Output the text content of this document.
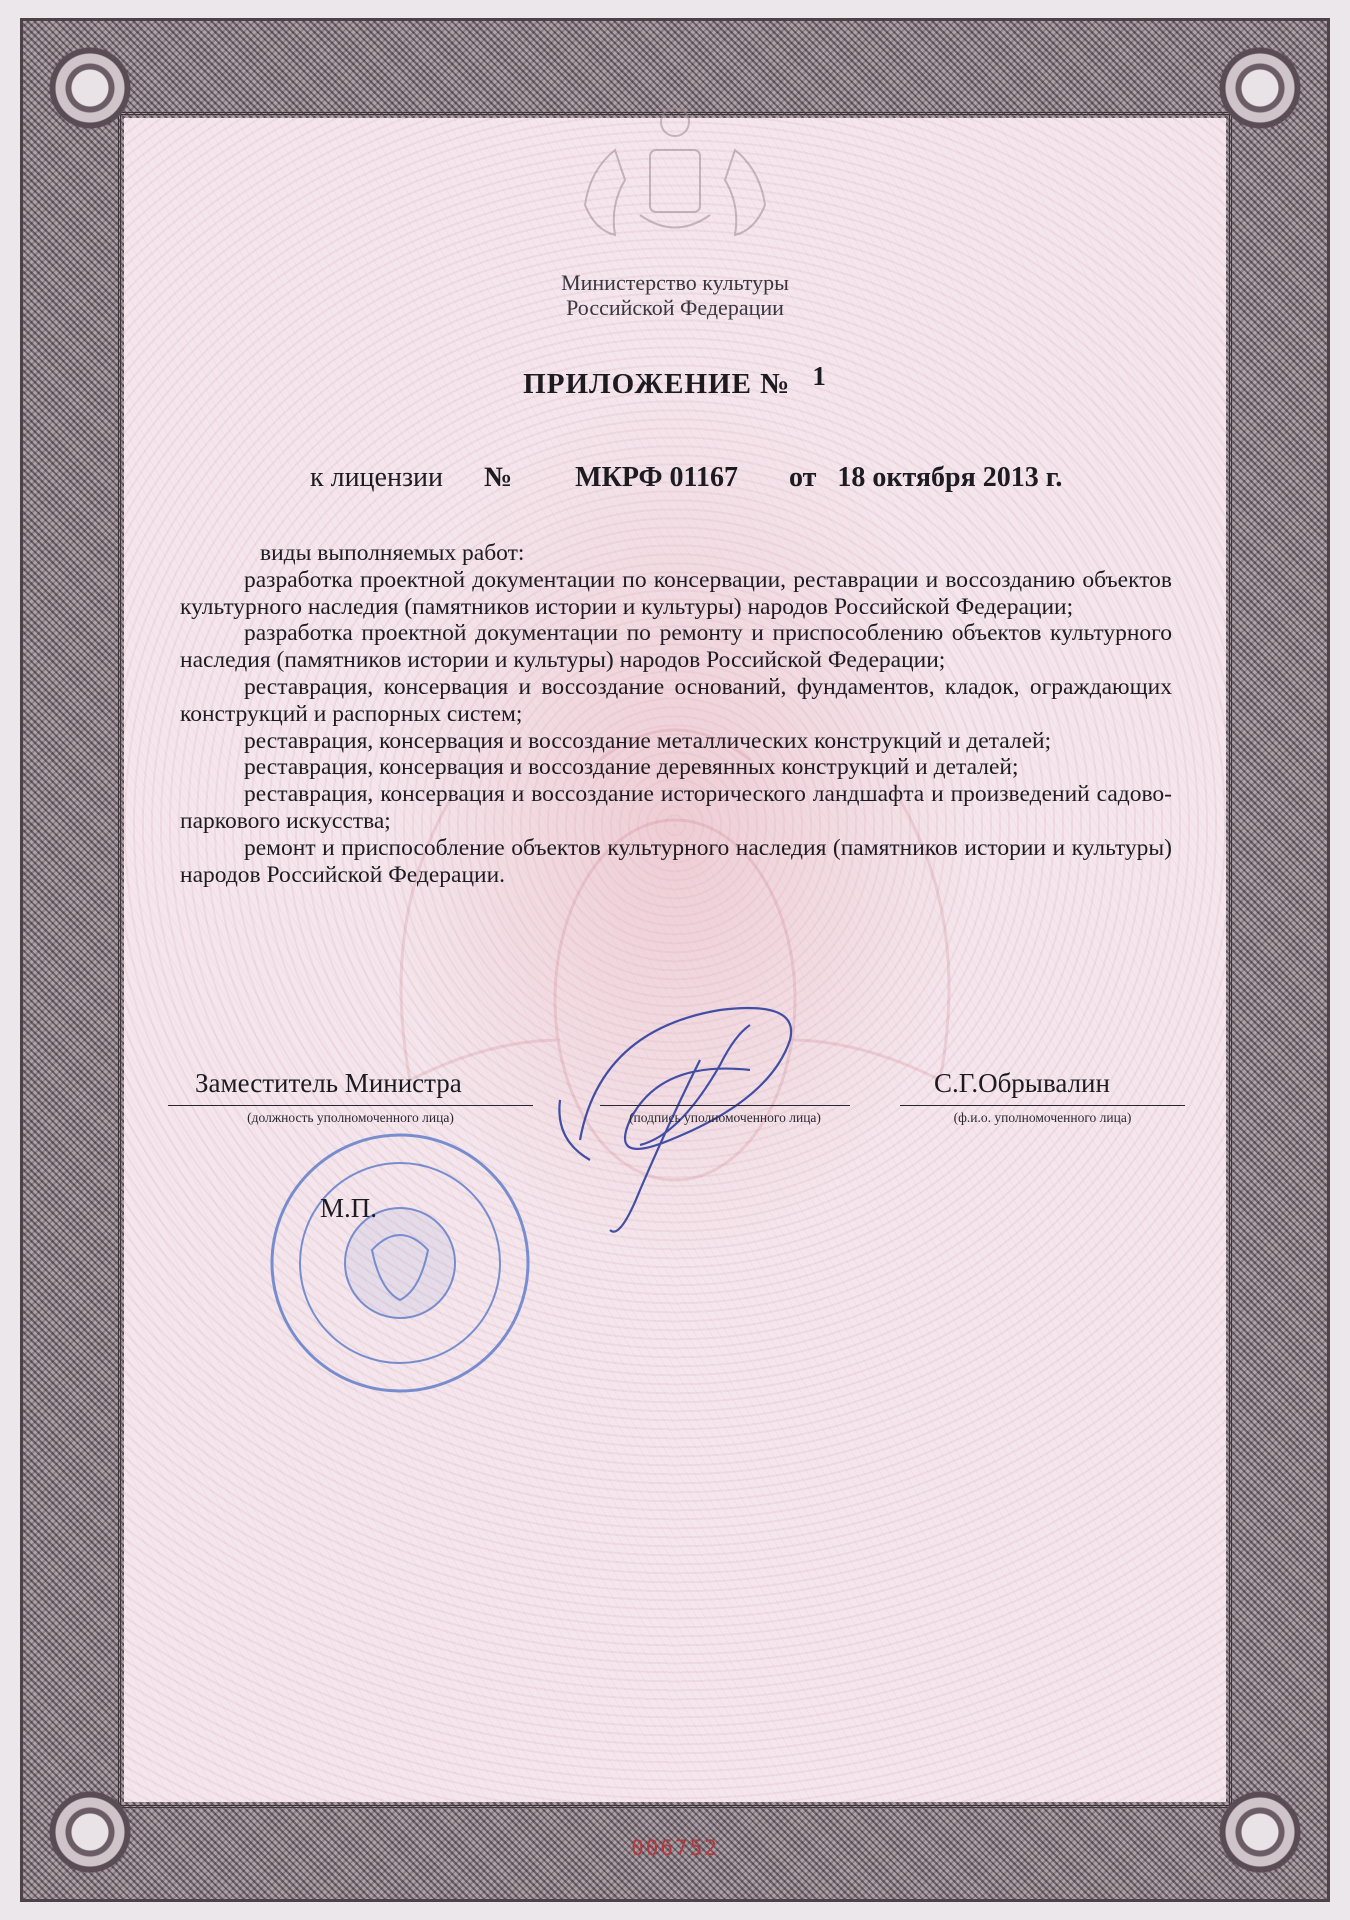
Министерство культуры
Российской Федерации
ПРИЛОЖЕНИЕ № 1
к лицензии № МКРФ 01167 от 18 октября 2013 г.

виды выполняемых работ:

разработка проектной документации по консервации, реставрации и воссозданию объектов культурного наследия (памятников истории и культуры) народов Российской Федерации;

разработка проектной документации по ремонту и приспособлению объектов культурного наследия (памятников истории и культуры) народов Российской Федерации;

реставрация, консервация и воссоздание оснований, фундаментов, кладок, ограждающих конструкций и распорных систем;

реставрация, консервация и воссоздание металлических конструкций и деталей;

реставрация, консервация и воссоздание деревянных конструкций и деталей;

реставрация, консервация и воссоздание исторического ландшафта и произведений садово-паркового искусства;

ремонт и приспособление объектов культурного наследия (памятников истории и культуры) народов Российской Федерации.

Заместитель Министра
(должность уполномоченного лица)	(подпись уполномоченного лица)
С.Г.Обрывалин
(ф.и.о. уполномоченного лица)
М.П.
006752
